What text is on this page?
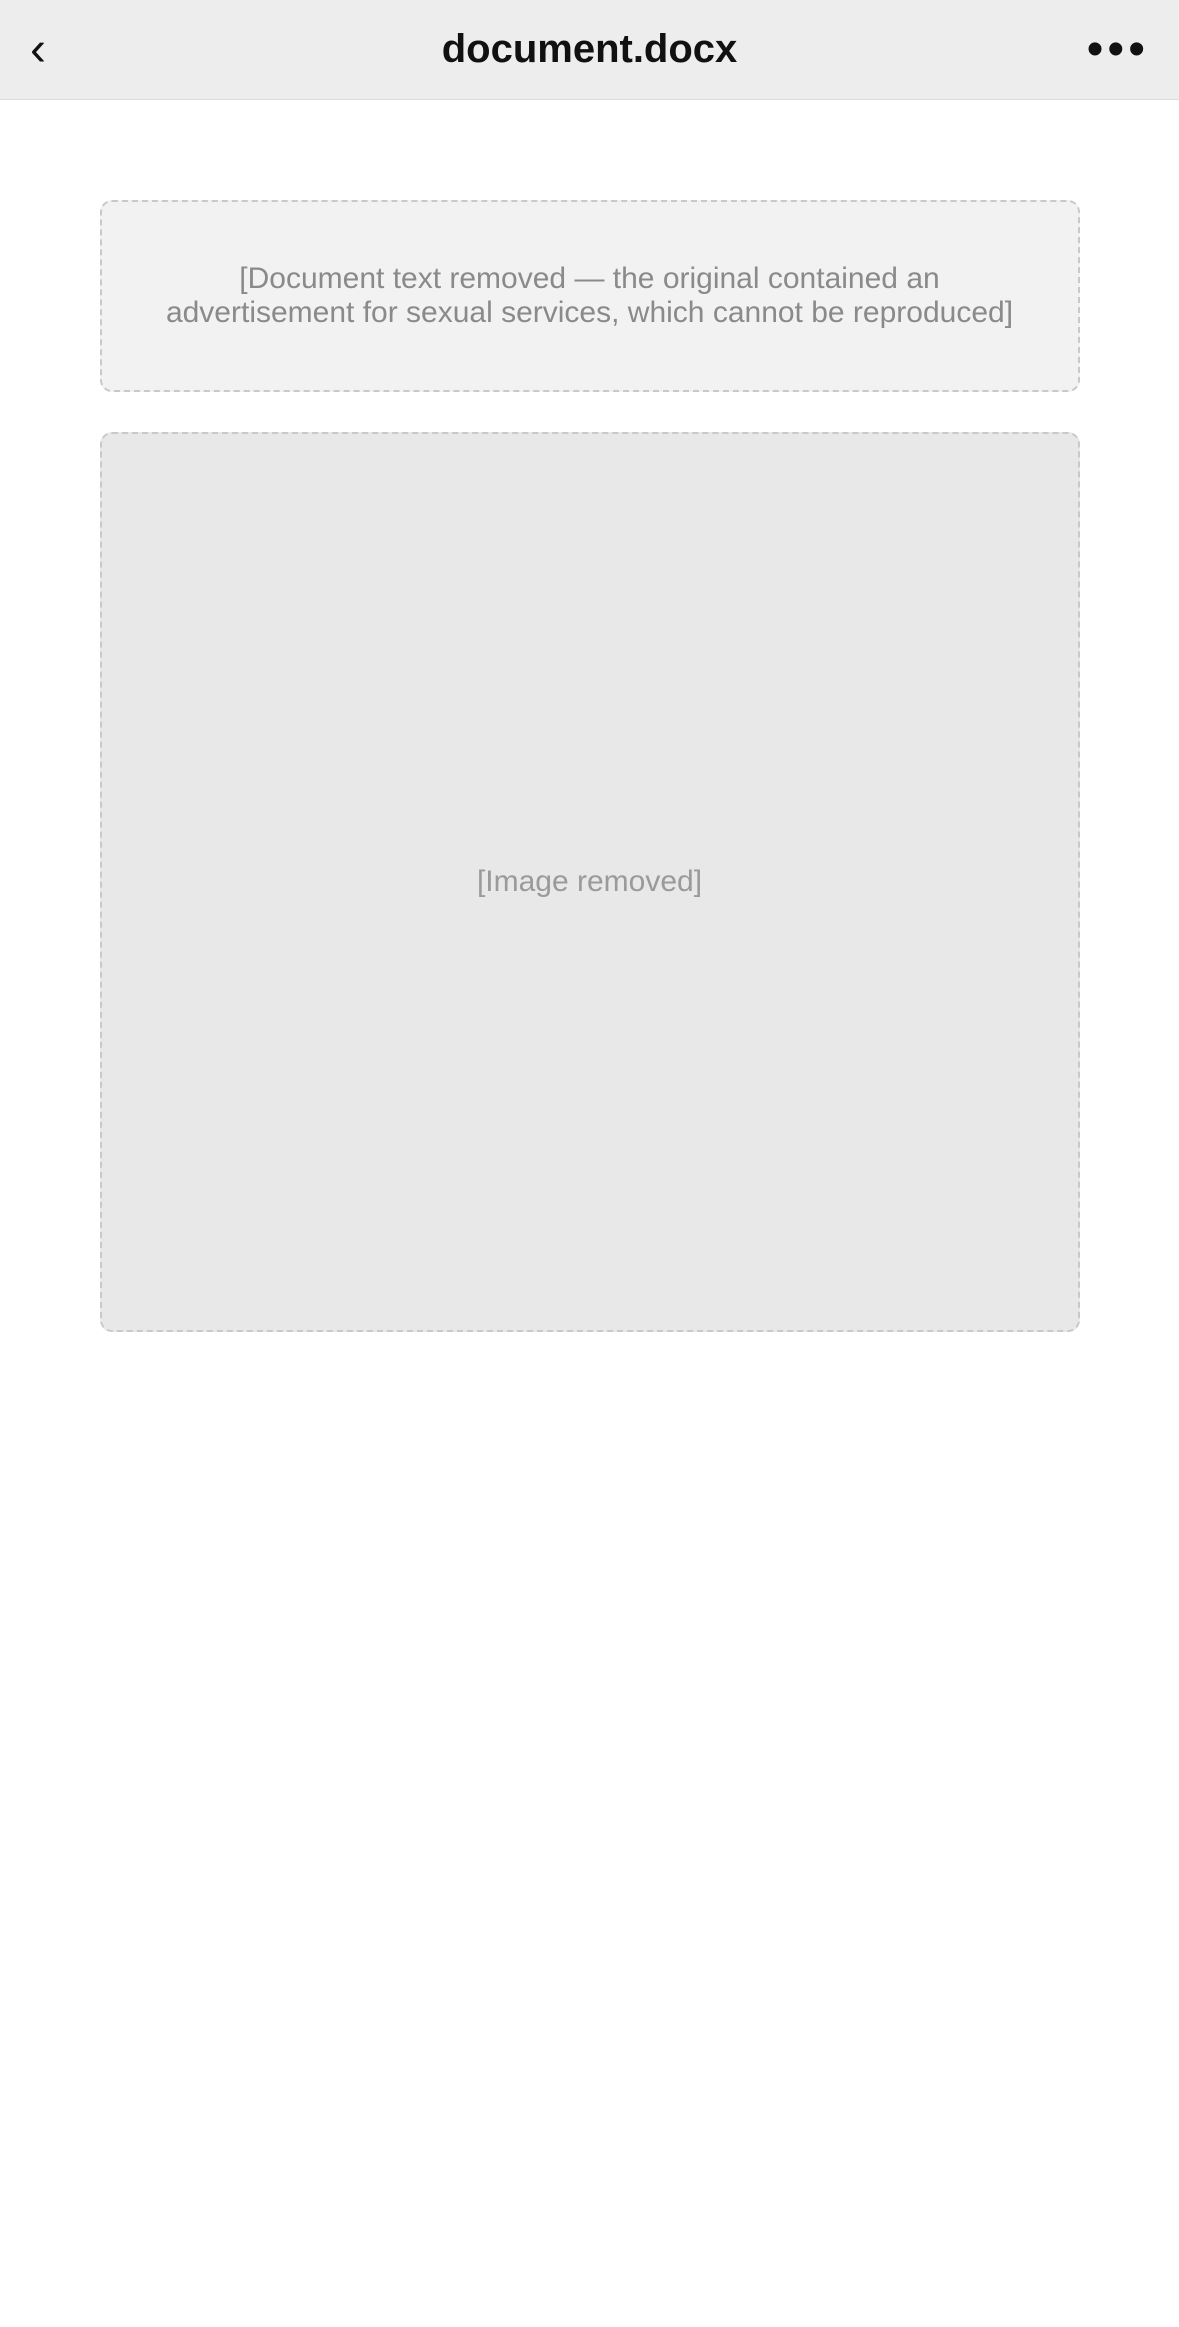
‹	document.docx	•••
[Document text removed — the original contained an advertisement for sexual services, which cannot be reproduced]
[Image removed]
